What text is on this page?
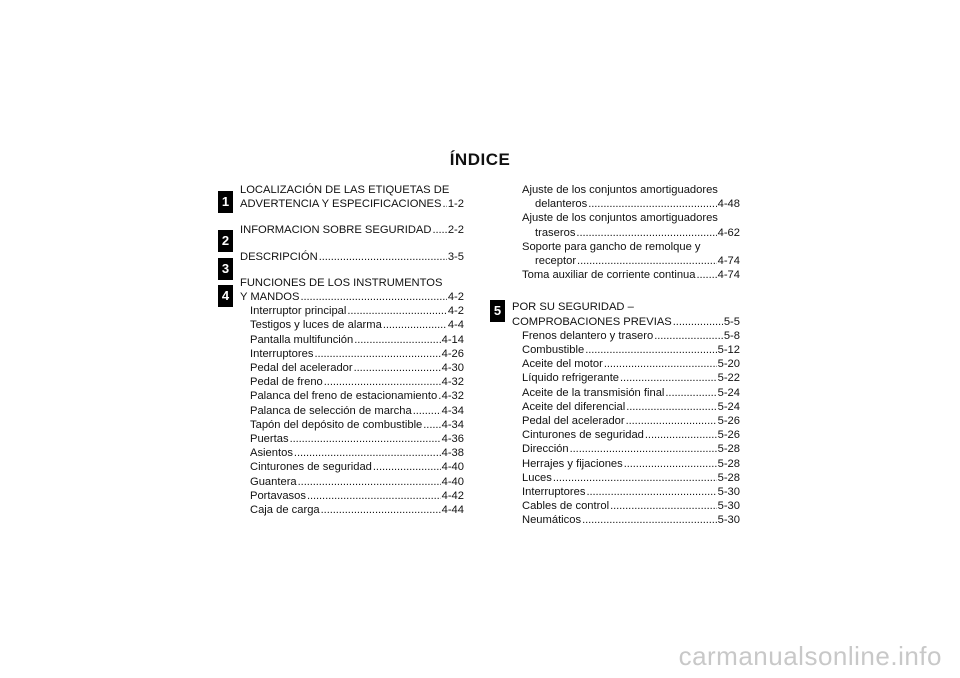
ÍNDICE
1
2
3
4
5
LOCALIZACIÓN DE LAS ETIQUETAS DE
ADVERTENCIA Y ESPECIFICACIONES . . . 1-2
INFORMACION SOBRE SEGURIDAD . . . 2-2
DESCRIPCIÓN . . .	3-5
FUNCIONES DE LOS INSTRUMENTOS
Y MANDOS . . .	4-2
Interruptor principal . . .	4-2
Testigos y luces de alarma . . .	4-4
Pantalla multifunción . . .	4-14
Interruptores . . .	4-26
Pedal del acelerador . . .	4-30
Pedal de freno . . .	4-32
Palanca del freno de estacionamiento . . . 4-32
Palanca de selección de marcha . . .	4-34
Tapón del depósito de combustible . . . 4-34
Puertas . . .	4-36
Asientos . . .	4-38
Cinturones de seguridad . . .	4-40
Guantera . . .	4-40
Portavasos . . .	4-42
Caja de carga . . .	4-44
Ajuste de los conjuntos amortiguadores
delanteros . . .	4-48
Ajuste de los conjuntos amortiguadores
traseros . . .	4-62
Soporte para gancho de remolque y
receptor . . .	4-74
Toma auxiliar de corriente continua . . . 4-74
POR SU SEGURIDAD –
COMPROBACIONES PREVIAS . . .	5-5
Frenos delantero y trasero . . .	5-8
Combustible . . .	5-12
Aceite del motor . . .	5-20
Líquido refrigerante . . .	5-22
Aceite de la transmisión final . . .	5-24
Aceite del diferencial . . .	5-24
Pedal del acelerador . . .	5-26
Cinturones de seguridad . . .	5-26
Dirección . . .	5-28
Herrajes y fijaciones . . .	5-28
Luces . . .	5-28
Interruptores . . .	5-30
Cables de control . . .	5-30
Neumáticos . . .	5-30
carmanualsonline.info
